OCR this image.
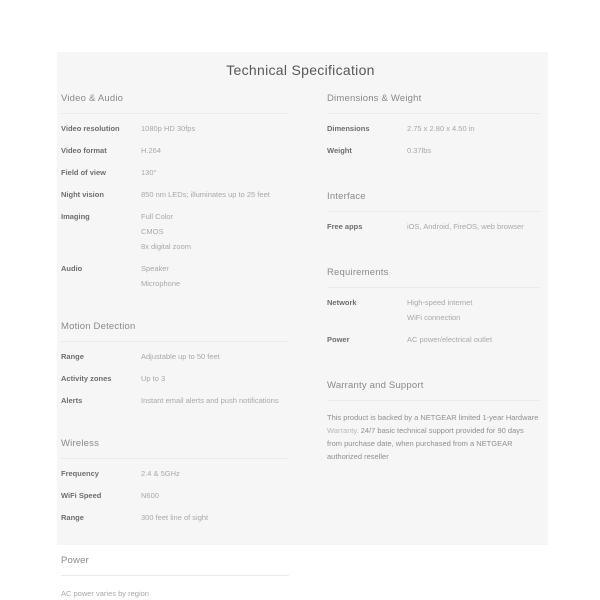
Technical Specification
Video & Audio
Video resolution	1080p HD 30fps
Video format	H.264
Field of view	130°
Night vision	850 nm LEDs; illuminates up to 25 feet
Imaging	Full Color
CMOS
8x digital zoom
Audio	Speaker
Microphone
Motion Detection
Range	Adjustable up to 50 feet
Activity zones	Up to 3
Alerts	Instant email alerts and push notifications
Wireless
Frequency	2.4 & 5GHz
WiFi Speed	N600
Range	300 feet line of sight
Power
AC power varies by region
Dimensions & Weight
Dimensions	2.75 x 2.80 x 4.50 in
Weight	0.37lbs
Interface
Free apps	iOS, Android, FireOS, web browser
Requirements
Network	High-speed internet
WiFi connection
Power	AC power/electrical outlet
Warranty and Support

This product is backed by a NETGEAR limited 1-year Hardware Warranty. 24/7 basic technical support provided for 90 days from purchase date, when purchased from a NETGEAR authorized reseller
